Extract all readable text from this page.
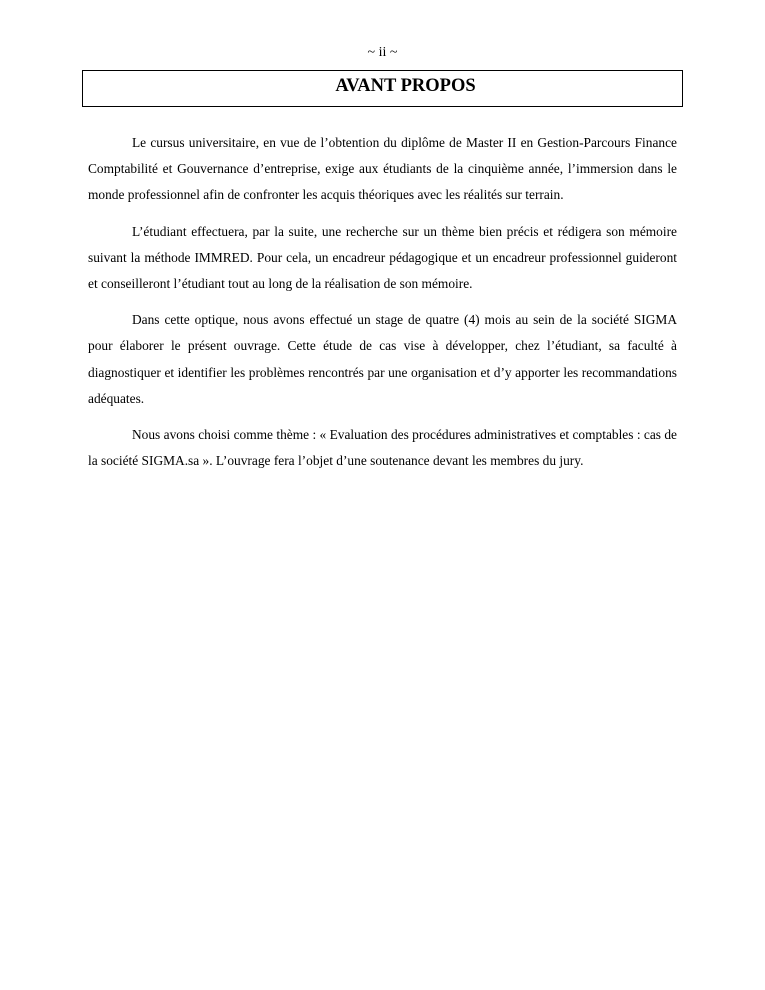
~ ii ~
AVANT PROPOS

Le cursus universitaire, en vue de l’obtention du diplôme de Master II en Gestion-Parcours Finance Comptabilité et Gouvernance d’entreprise, exige aux étudiants de la cinquième année, l’immersion dans le monde professionnel afin de confronter les acquis théoriques avec les réalités sur terrain.

L’étudiant effectuera, par la suite, une recherche sur un thème bien précis et rédigera son mémoire suivant la méthode IMMRED. Pour cela, un encadreur pédagogique et un encadreur professionnel guideront et conseilleront l’étudiant tout au long de la réalisation de son mémoire.

Dans cette optique, nous avons effectué un stage de quatre (4) mois au sein de la société SIGMA pour élaborer le présent ouvrage. Cette étude de cas vise à développer, chez l’étudiant, sa faculté à diagnostiquer et identifier les problèmes rencontrés par une organisation et d’y apporter les recommandations adéquates.

Nous avons choisi comme thème : « Evaluation des procédures administratives et comptables : cas de la société SIGMA.sa ». L’ouvrage fera l’objet d’une soutenance devant les membres du jury.
